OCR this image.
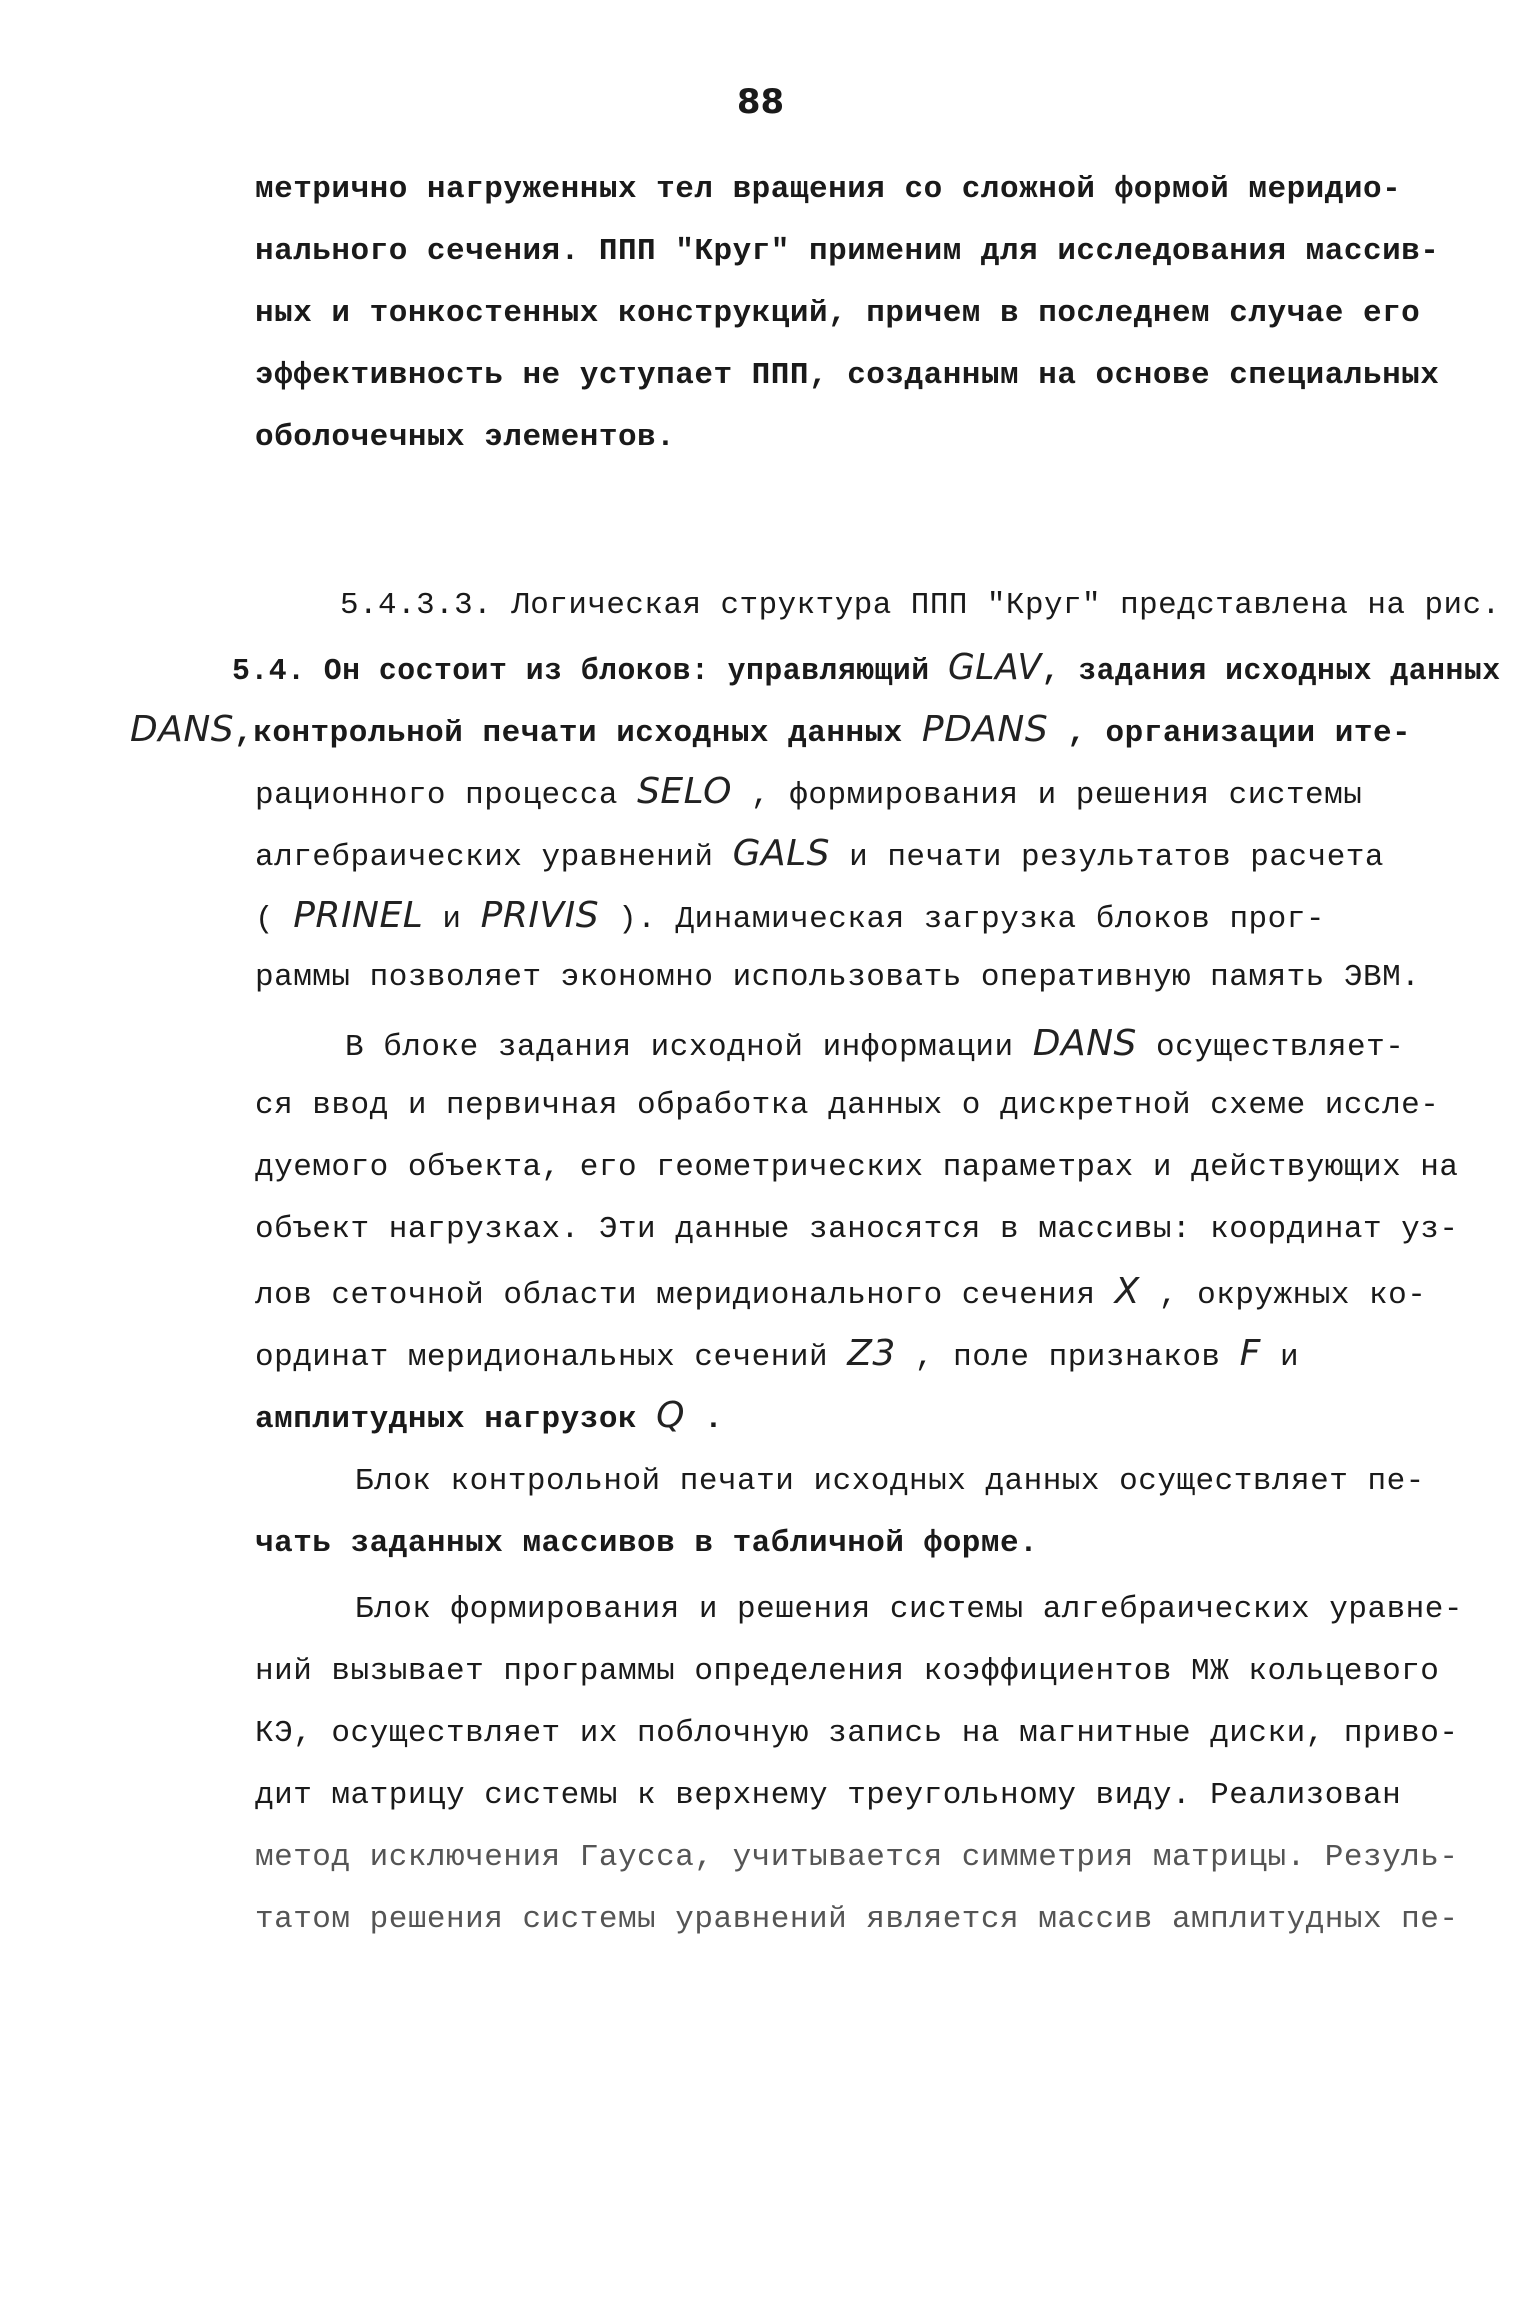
88
метрично нагруженных тел вращения со сложной формой меридио-
нального сечения. ППП "Круг" применим для исследования массив-
ных и тонкостенных конструкций, причем в последнем случае его
эффективность не уступает ППП, созданным на основе специальных
оболочечных элементов.
5.4.3.3. Логическая структура ППП "Круг" представлена на рис.
5.4. Он состоит из блоков: управляющий GLAV, задания исходных данных
DANS,контрольной печати исходных данных PDANS , организации ите-
рационного процесса SELO , формирования и решения системы
алгебраических уравнений GALS и печати результатов расчета
( PRINEL и PRIVIS ). Динамическая загрузка блоков прог-
раммы позволяет экономно использовать оперативную память ЭВМ.
В блоке задания исходной информации DANS осуществляет-
ся ввод и первичная обработка данных о дискретной схеме иссле-
дуемого объекта, его геометрических параметрах и действующих на
объект нагрузках. Эти данные заносятся в массивы: координат уз-
лов сеточной области меридионального сечения X , окружных ко-
ординат меридиональных сечений Z3 , поле признаков F и
амплитудных нагрузок Q .
Блок контрольной печати исходных данных осуществляет пе-
чать заданных массивов в табличной форме.
Блок формирования и решения системы алгебраических уравне-
ний вызывает программы определения коэффициентов МЖ кольцевого
КЭ, осуществляет их поблочную запись на магнитные диски, приво-
дит матрицу системы к верхнему треугольному виду. Реализован
метод исключения Гаусса, учитывается симметрия матрицы. Резуль-
татом решения системы уравнений является массив амплитудных пе-
